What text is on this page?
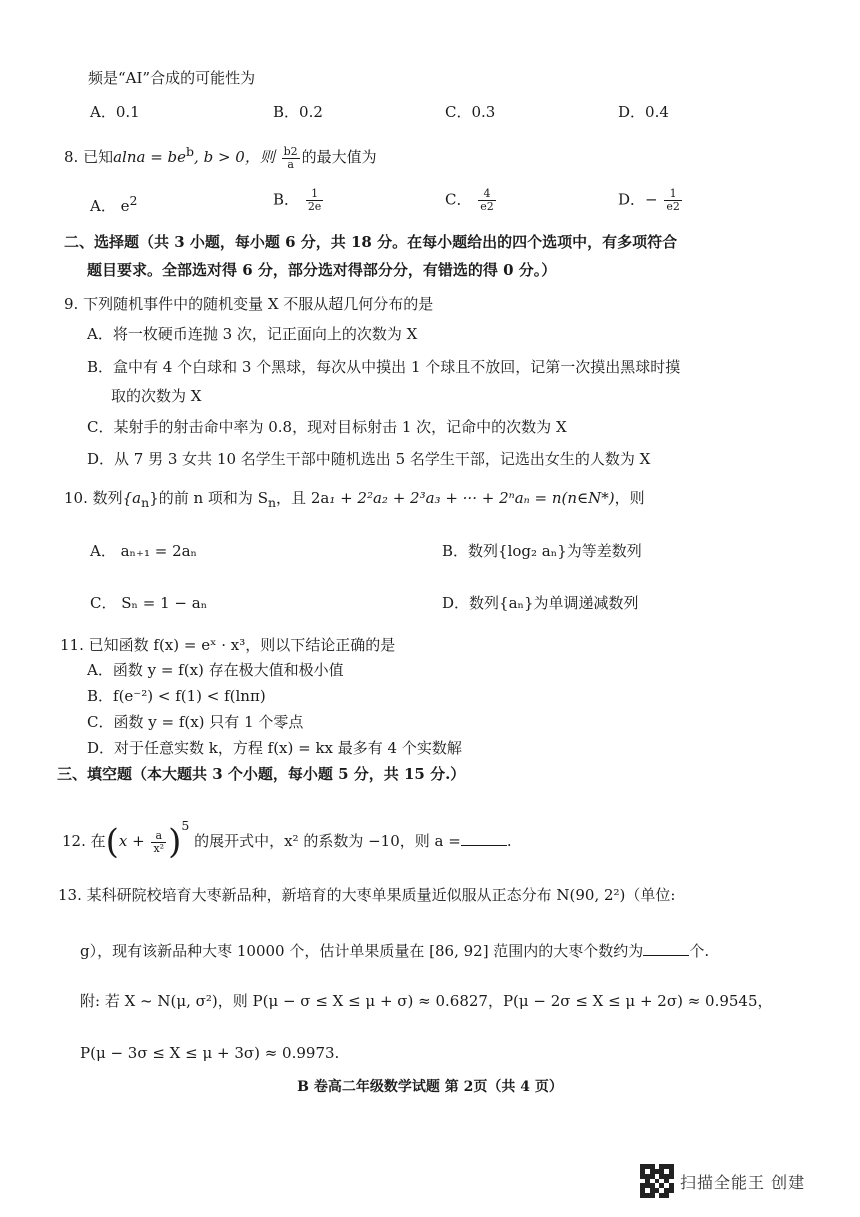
频是“AI”合成的可能性为
A．0.1	B．0.2	C．0.3	D．0.4
8. 已知$alna = be^b$, b > 0，则 $\frac{b2}{a}$ 的最大值为
A． $e^2$	B． $\frac{1}{2e}$	C． $\frac{4}{e2}$	D．− $\frac{1}{e2}$
二、选择题（共 3 小题，每小题 6 分，共 18 分。在每小题给出的四个选项中，有多项符合
题目要求。全部选对得 6 分，部分选对得部分分，有错选的得 0 分。）
9. 下列随机事件中的随机变量 X 不服从超几何分布的是
A．将一枚硬币连抛 3 次，记正面向上的次数为 X
B．盒中有 4 个白球和 3 个黑球，每次从中摸出 1 个球且不放回，记第一次摸出黑球时摸
取的次数为 X
C．某射手的射击命中率为 0.8，现对目标射击 1 次，记命中的次数为 X
D．从 7 男 3 女共 10 名学生干部中随机选出 5 名学生干部，记选出女生的人数为 X
10. 数列$\{a_n\}$的前 n 项和为 $S_n$，且 2a₁ + 2²a₂ + 2³a₃ + ··· + 2ⁿaₙ = n(n∈N*)，则
A． aₙ₊₁ = 2aₙ	B．数列{log₂ aₙ}为等差数列
C． Sₙ = 1 − aₙ	D．数列{aₙ}为单调递减数列
11. 已知函数 f(x) = eˣ · x³，则以下结论正确的是
A．函数 y = f(x) 存在极大值和极小值
B．f(e⁻²) < f(1) < f(lnπ)
C．函数 y = f(x) 只有 1 个零点
D．对于任意实数 k，方程 f(x) = kx 最多有 4 个实数解
三、填空题（本大题共 3 个小题，每小题 5 分，共 15 分.）
12. 在$(x + \frac{a}{\text{x²}} )^5$ 的展开式中，x² 的系数为 −10，则 a =	.
13. 某科研院校培育大枣新品种，新培育的大枣单果质量近似服从正态分布 N(90, 2²)（单位:
g），现有该新品种大枣 10000 个，估计单果质量在 [86, 92] 范围内的大枣个数约为	个.
附: 若 X ~ N(μ, σ²)，则 P(μ − σ ≤ X ≤ μ + σ) ≈ 0.6827，P(μ − 2σ ≤ X ≤ μ + 2σ) ≈ 0.9545，
P(μ − 3σ ≤ X ≤ μ + 3σ) ≈ 0.9973.
B 卷高二年级数学试题 第 2页（共 4 页）
扫描全能王 创建
